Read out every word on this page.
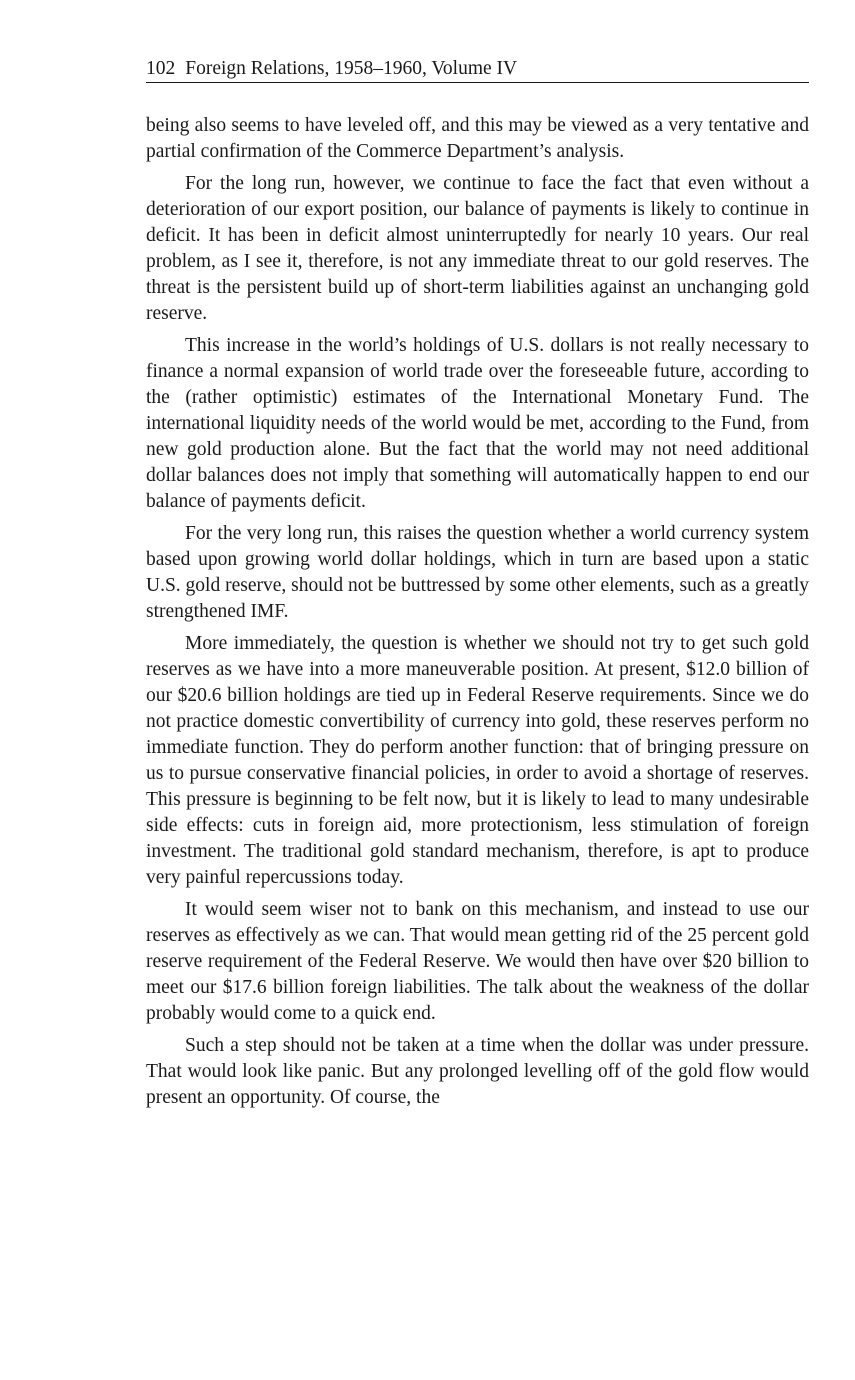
102 Foreign Relations, 1958–1960, Volume IV

being also seems to have leveled off, and this may be viewed as a very tentative and partial confirmation of the Commerce Department’s analysis.

For the long run, however, we continue to face the fact that even without a deterioration of our export position, our balance of payments is likely to continue in deficit. It has been in deficit almost uninterruptedly for nearly 10 years. Our real problem, as I see it, therefore, is not any immediate threat to our gold reserves. The threat is the persistent build up of short-term liabilities against an unchanging gold reserve.

This increase in the world’s holdings of U.S. dollars is not really necessary to finance a normal expansion of world trade over the foreseeable future, according to the (rather optimistic) estimates of the International Monetary Fund. The international liquidity needs of the world would be met, according to the Fund, from new gold production alone. But the fact that the world may not need additional dollar balances does not imply that something will automatically happen to end our balance of payments deficit.

For the very long run, this raises the question whether a world currency system based upon growing world dollar holdings, which in turn are based upon a static U.S. gold reserve, should not be buttressed by some other elements, such as a greatly strengthened IMF.

More immediately, the question is whether we should not try to get such gold reserves as we have into a more maneuverable position. At present, $12.0 billion of our $20.6 billion holdings are tied up in Federal Reserve requirements. Since we do not practice domestic convertibility of currency into gold, these reserves perform no immediate function. They do perform another function: that of bringing pressure on us to pursue conservative financial policies, in order to avoid a shortage of reserves. This pressure is beginning to be felt now, but it is likely to lead to many undesirable side effects: cuts in foreign aid, more protectionism, less stimulation of foreign investment. The traditional gold standard mechanism, therefore, is apt to produce very painful repercussions today.

It would seem wiser not to bank on this mechanism, and instead to use our reserves as effectively as we can. That would mean getting rid of the 25 percent gold reserve requirement of the Federal Reserve. We would then have over $20 billion to meet our $17.6 billion foreign liabilities. The talk about the weakness of the dollar probably would come to a quick end.

Such a step should not be taken at a time when the dollar was under pressure. That would look like panic. But any prolonged levelling off of the gold flow would present an opportunity. Of course, the
